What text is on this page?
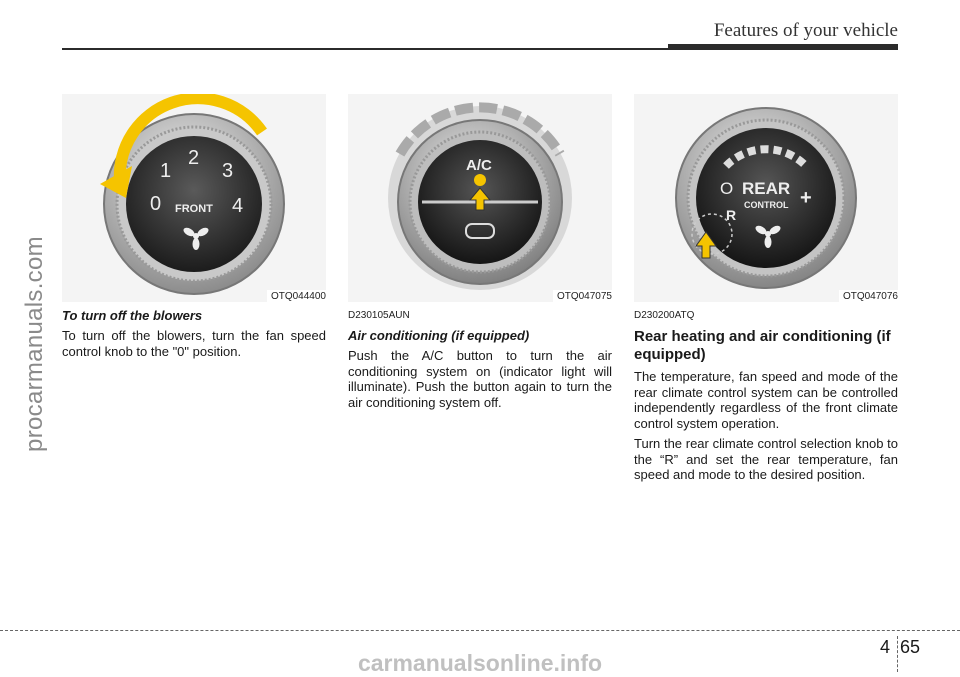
Features of your vehicle
procarmanuals.com
0
1
2
3
4
FRONT
OTQ044400
To turn off the blowers
To turn off the blowers, turn the fan speed control knob to the "0" position.
A/C
OTQ047075
D230105AUN
Air conditioning (if equipped)
Push the A/C button to turn the air conditioning system on (indicator light will illuminate). Push the button again to turn the air conditioning system off.
REAR
CONTROL
O
R
+
OTQ047076
D230200ATQ
Rear heating and air conditioning (if equipped)
The temperature, fan speed and mode of the rear climate control system can be controlled independently regardless of the front climate control system operation.
Turn the rear climate control selection knob to the “R” and set the rear temperature, fan speed and mode to the desired position.
4 65
carmanualsonline.info
